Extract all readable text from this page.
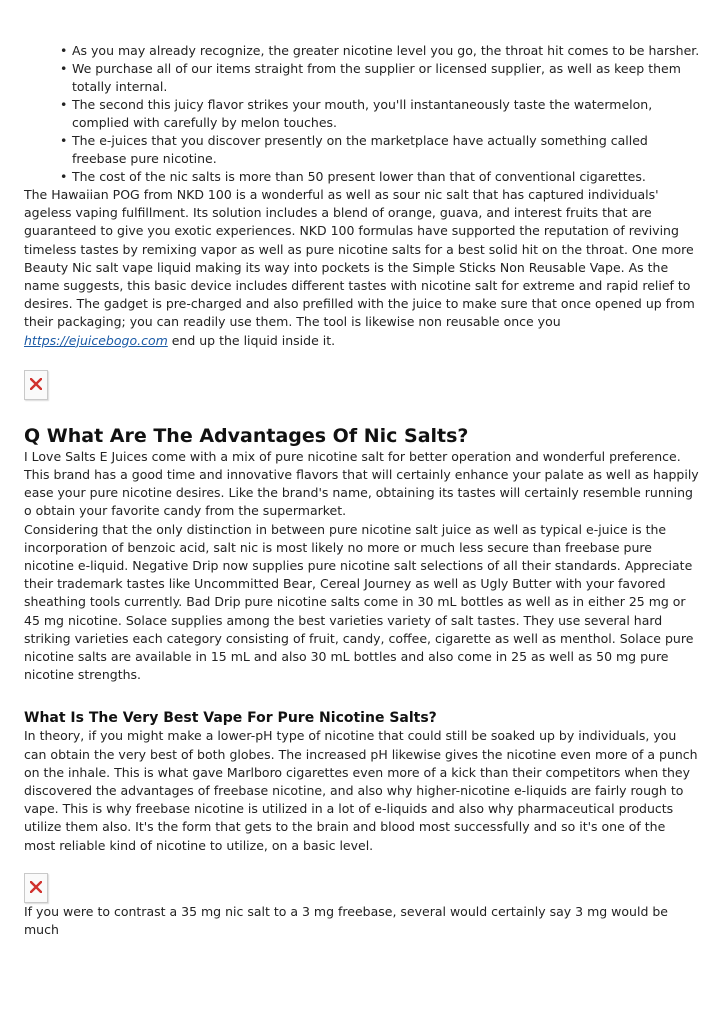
• As you may already recognize, the greater nicotine level you go, the throat hit comes to be harsher.
• We purchase all of our items straight from the supplier or licensed supplier, as well as keep them totally internal.
• The second this juicy flavor strikes your mouth, you'll instantaneously taste the watermelon, complied with carefully by melon touches.
• The e-juices that you discover presently on the marketplace have actually something called freebase pure nicotine.
• The cost of the nic salts is more than 50 present lower than that of conventional cigarettes.

The Hawaiian POG from NKD 100 is a wonderful as well as sour nic salt that has captured individuals' ageless vaping fulfillment. Its solution includes a blend of orange, guava, and interest fruits that are guaranteed to give you exotic experiences. NKD 100 formulas have supported the reputation of reviving timeless tastes by remixing vapor as well as pure nicotine salts for a best solid hit on the throat. One more Beauty Nic salt vape liquid making its way into pockets is the Simple Sticks Non Reusable Vape. As the name suggests, this basic device includes different tastes with nicotine salt for extreme and rapid relief to desires. The gadget is pre-charged and also prefilled with the juice to make sure that once opened up from their packaging; you can readily use them. The tool is likewise non reusable once you https://ejuicebogo.com end up the liquid inside it.

Q What Are The Advantages Of Nic Salts?

I Love Salts E Juices come with a mix of pure nicotine salt for better operation and wonderful preference. This brand has a good time and innovative flavors that will certainly enhance your palate as well as happily ease your pure nicotine desires. Like the brand's name, obtaining its tastes will certainly resemble running o obtain your favorite candy from the supermarket.

Considering that the only distinction in between pure nicotine salt juice as well as typical e-juice is the incorporation of benzoic acid, salt nic is most likely no more or much less secure than freebase pure nicotine e-liquid. Negative Drip now supplies pure nicotine salt selections of all their standards. Appreciate their trademark tastes like Uncommitted Bear, Cereal Journey as well as Ugly Butter with your favored sheathing tools currently. Bad Drip pure nicotine salts come in 30 mL bottles as well as in either 25 mg or 45 mg nicotine. Solace supplies among the best varieties variety of salt tastes. They use several hard striking varieties each category consisting of fruit, candy, coffee, cigarette as well as menthol. Solace pure nicotine salts are available in 15 mL and also 30 mL bottles and also come in 25 as well as 50 mg pure nicotine strengths.

What Is The Very Best Vape For Pure Nicotine Salts?

In theory, if you might make a lower-pH type of nicotine that could still be soaked up by individuals, you can obtain the very best of both globes. The increased pH likewise gives the nicotine even more of a punch on the inhale. This is what gave Marlboro cigarettes even more of a kick than their competitors when they discovered the advantages of freebase nicotine, and also why higher-nicotine e-liquids are fairly rough to vape. This is why freebase nicotine is utilized in a lot of e-liquids and also why pharmaceutical products utilize them also. It's the form that gets to the brain and blood most successfully and so it's one of the most reliable kind of nicotine to utilize, on a basic level.

If you were to contrast a 35 mg nic salt to a 3 mg freebase, several would certainly say 3 mg would be much
